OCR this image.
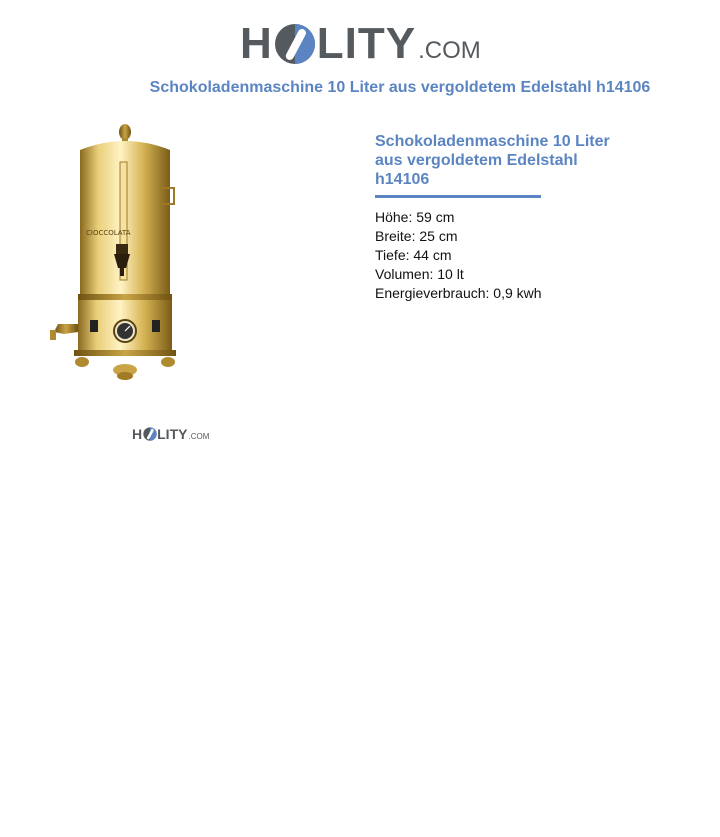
H LITY .COM
Schokoladenmaschine 10 Liter aus vergoldetem Edelstahl h14106
CIOCCOLATA
H LITY .COM
Schokoladenmaschine 10 Liter aus vergoldetem Edelstahl h14106
Höhe: 59 cm
Breite: 25 cm
Tiefe: 44 cm
Volumen: 10 lt
Energieverbrauch: 0,9 kwh
